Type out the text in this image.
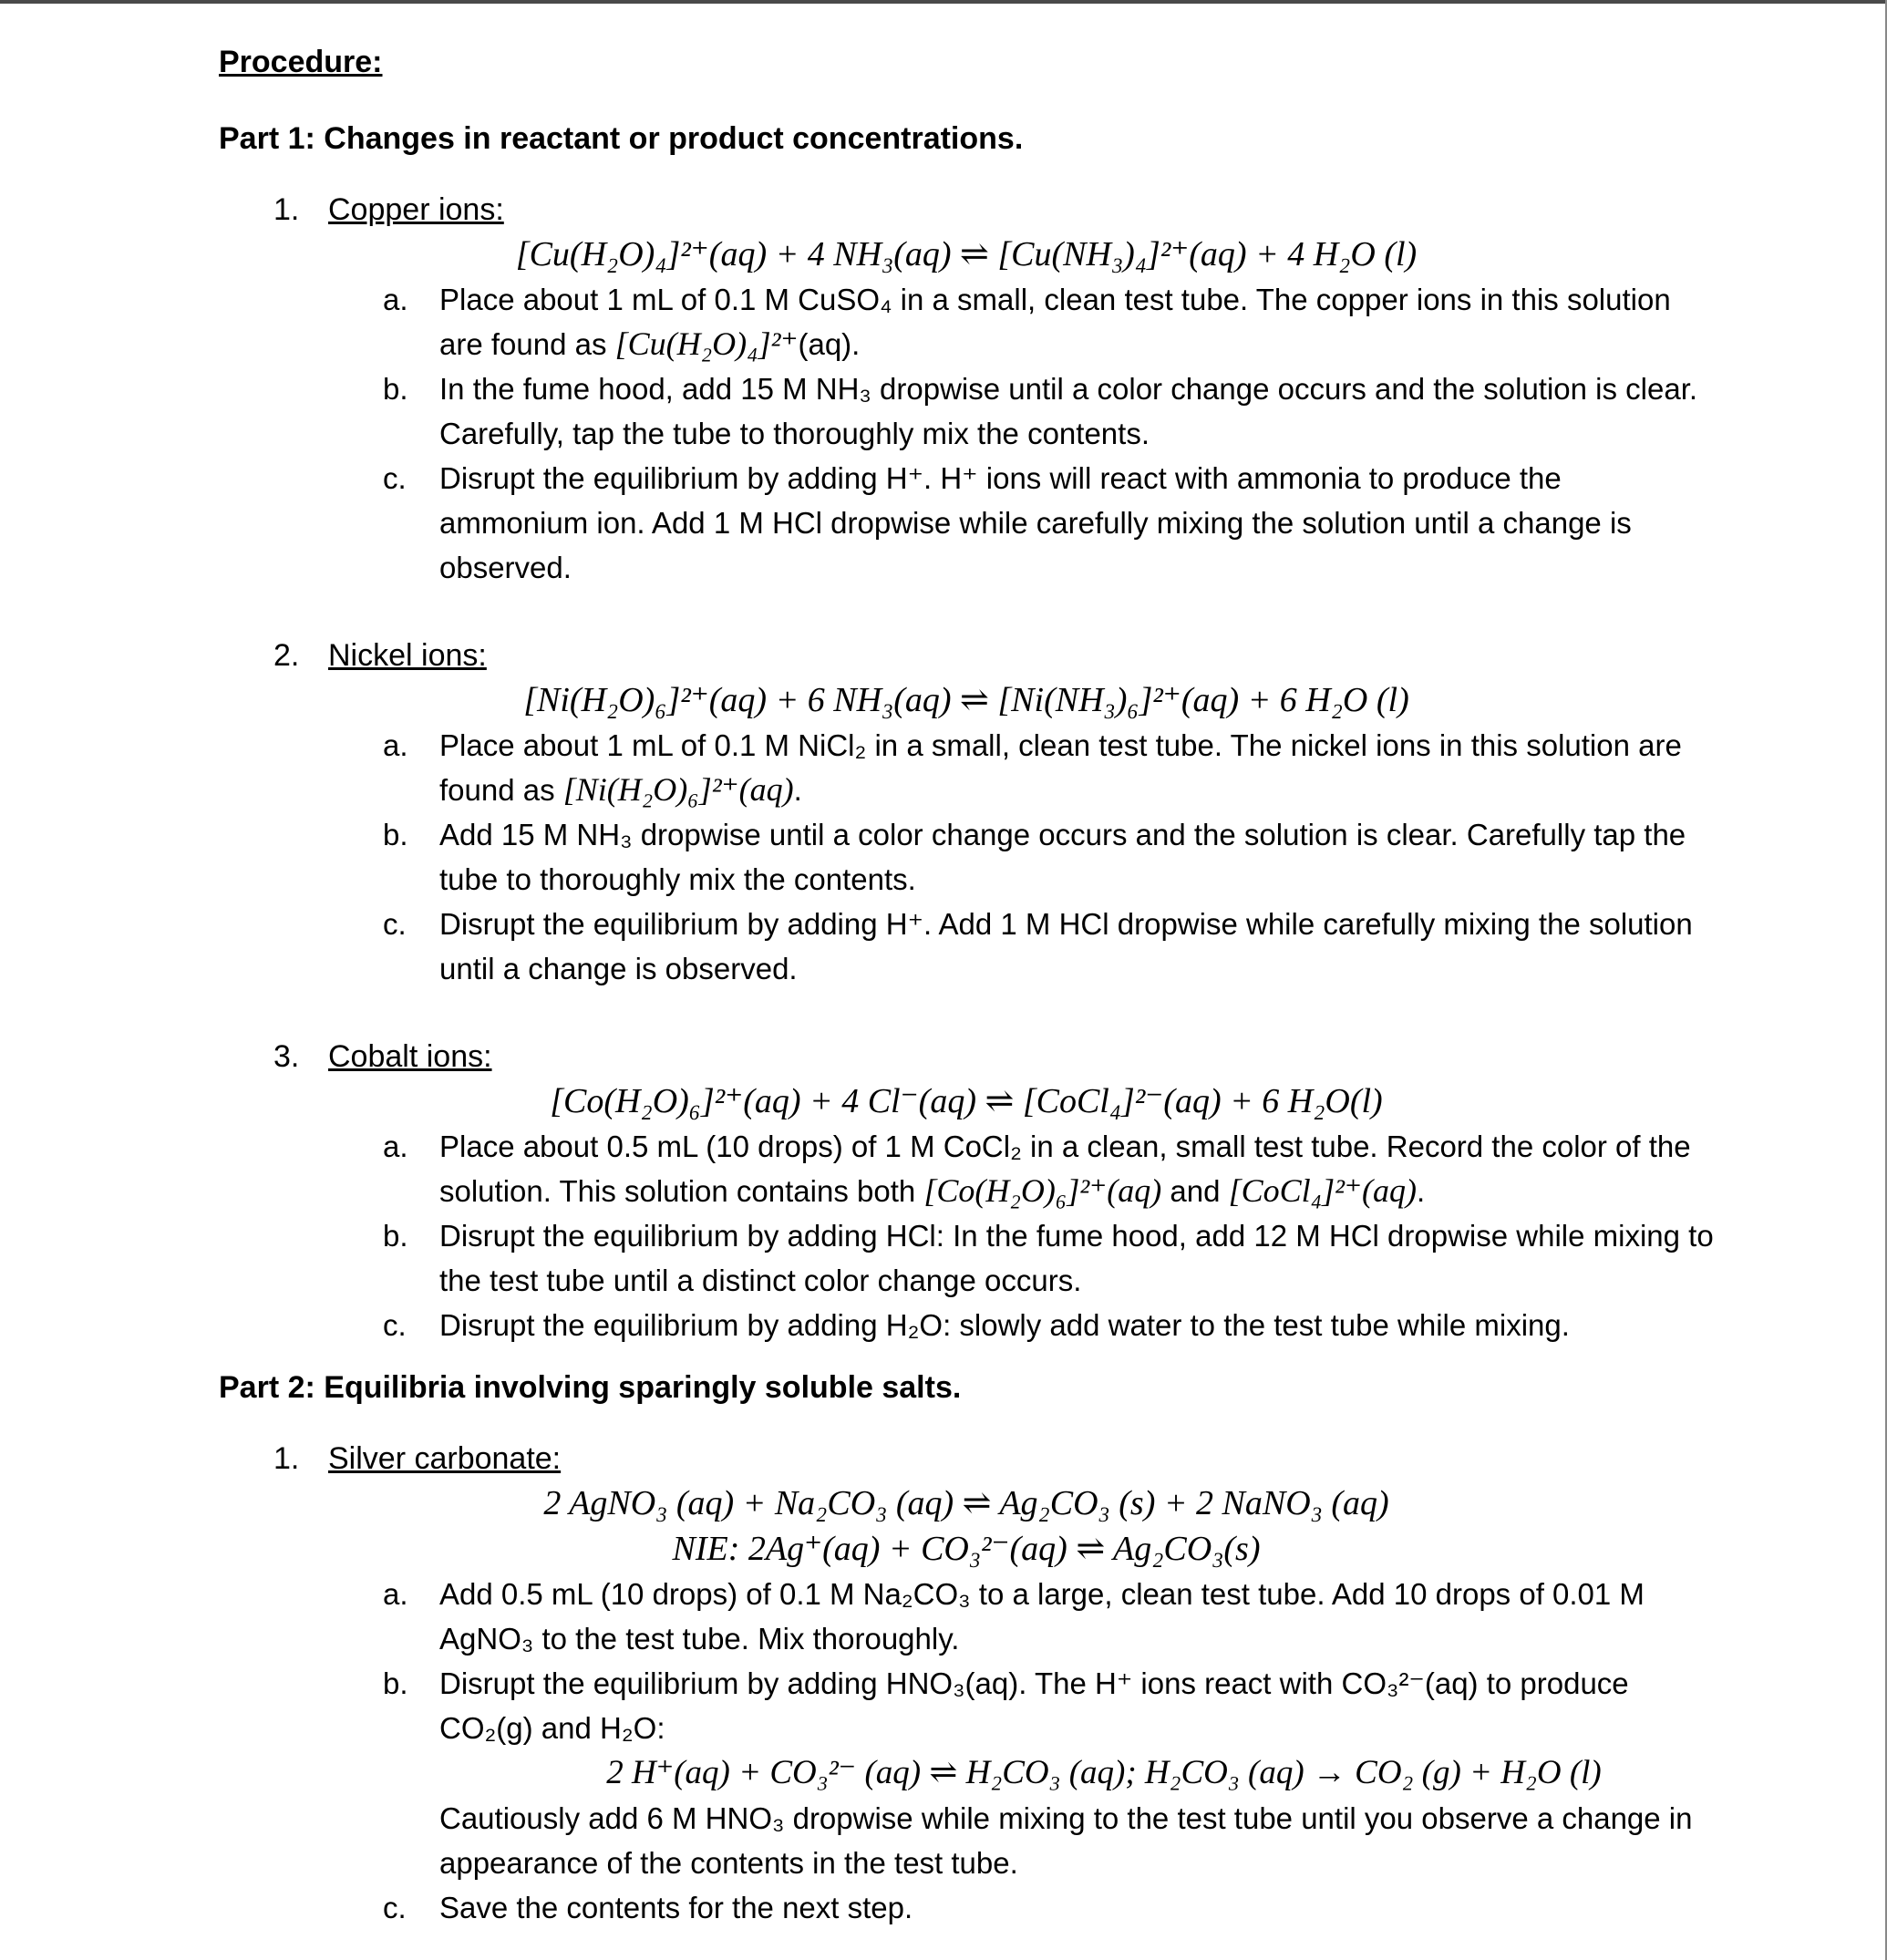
Procedure:
Part 1: Changes in reactant or product concentrations.
1. Copper ions:

[Cu(H₂O)₄]²⁺(aq) + 4 NH₃(aq) ⇌ [Cu(NH₃)₄]²⁺(aq) + 4 H₂O (l)

a. Place about 1 mL of 0.1 M CuSO₄ in a small, clean test tube. The copper ions in this solution are found as [Cu(H₂O)₄]²⁺(aq).
b. In the fume hood, add 15 M NH₃ dropwise until a color change occurs and the solution is clear. Carefully, tap the tube to thoroughly mix the contents.
c. Disrupt the equilibrium by adding H⁺. H⁺ ions will react with ammonia to produce the ammonium ion. Add 1 M HCl dropwise while carefully mixing the solution until a change is observed.
2. Nickel ions:

[Ni(H₂O)₆]²⁺(aq) + 6 NH₃(aq) ⇌ [Ni(NH₃)₆]²⁺(aq) + 6 H₂O (l)

a. Place about 1 mL of 0.1 M NiCl₂ in a small, clean test tube. The nickel ions in this solution are found as [Ni(H₂O)₆]²⁺(aq).
b. Add 15 M NH₃ dropwise until a color change occurs and the solution is clear. Carefully tap the tube to thoroughly mix the contents.
c. Disrupt the equilibrium by adding H⁺. Add 1 M HCl dropwise while carefully mixing the solution until a change is observed.
3. Cobalt ions:

[Co(H₂O)₆]²⁺(aq) + 4 Cl⁻(aq) ⇌ [CoCl₄]²⁻(aq) + 6 H₂O(l)

a. Place about 0.5 mL (10 drops) of 1 M CoCl₂ in a clean, small test tube. Record the color of the solution. This solution contains both [Co(H₂O)₆]²⁺(aq) and [CoCl₄]²⁺(aq).
b. Disrupt the equilibrium by adding HCl: In the fume hood, add 12 M HCl dropwise while mixing to the test tube until a distinct color change occurs.
c. Disrupt the equilibrium by adding H₂O: slowly add water to the test tube while mixing.
Part 2: Equilibria involving sparingly soluble salts.
1. Silver carbonate:

2 AgNO₃ (aq) + Na₂CO₃ (aq) ⇌ Ag₂CO₃ (s) + 2 NaNO₃ (aq)

NIE: 2Ag⁺(aq) + CO₃²⁻(aq) ⇌ Ag₂CO₃(s)

a. Add 0.5 mL (10 drops) of 0.1 M Na₂CO₃ to a large, clean test tube. Add 10 drops of 0.01 M AgNO₃ to the test tube. Mix thoroughly.
b. Disrupt the equilibrium by adding HNO₃(aq). The H⁺ ions react with CO₃²⁻(aq) to produce CO₂(g) and H₂O:

2 H⁺(aq) + CO₃²⁻ (aq) ⇌ H₂CO₃ (aq); H₂CO₃ (aq) → CO₂ (g) + H₂O (l)

Cautiously add 6 M HNO₃ dropwise while mixing to the test tube until you observe a change in appearance of the contents in the test tube.
c. Save the contents for the next step.
